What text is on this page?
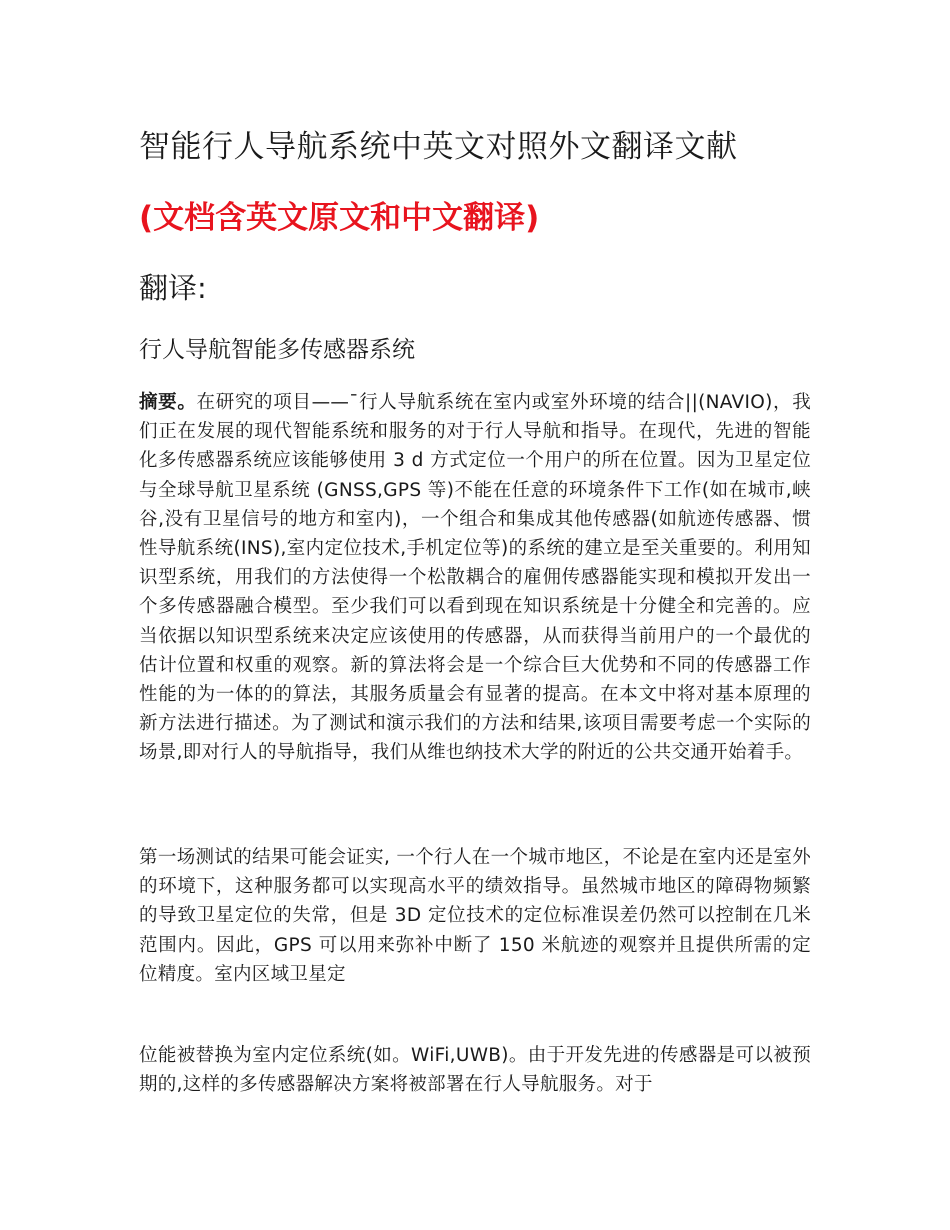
智能行人导航系统中英文对照外文翻译文献
(文档含英文原文和中文翻译)
翻译:
行人导航智能多传感器系统

摘要。在研究的项目——¯行人导航系统在室内或室外环境的结合||(NAVIO)，我们正在发展的现代智能系统和服务的对于行人导航和指导。在现代，先进的智能化多传感器系统应该能够使用 3 d 方式定位一个用户的所在位置。因为卫星定位与全球导航卫星系统 (GNSS,GPS 等)不能在任意的环境条件下工作(如在城市,峡谷,没有卫星信号的地方和室内)，一个组合和集成其他传感器(如航迹传感器、惯性导航系统(INS),室内定位技术,手机定位等)的系统的建立是至关重要的。利用知识型系统，用我们的方法使得一个松散耦合的雇佣传感器能实现和模拟开发出一个多传感器融合模型。至少我们可以看到现在知识系统是十分健全和完善的。应当依据以知识型系统来决定应该使用的传感器，从而获得当前用户的一个最优的估计位置和权重的观察。新的算法将会是一个综合巨大优势和不同的传感器工作性能的为一体的的算法，其服务质量会有显著的提高。在本文中将对基本原理的新方法进行描述。为了测试和演示我们的方法和结果,该项目需要考虑一个实际的场景,即对行人的导航指导，我们从维也纳技术大学的附近的公共交通开始着手。

第一场测试的结果可能会证实, 一个行人在一个城市地区，不论是在室内还是室外的环境下，这种服务都可以实现高水平的绩效指导。虽然城市地区的障碍物频繁的导致卫星定位的失常，但是 3D 定位技术的定位标准误差仍然可以控制在几米范围内。因此，GPS 可以用来弥补中断了 150 米航迹的观察并且提供所需的定位精度。室内区域卫星定

位能被替换为室内定位系统(如。WiFi,UWB)。由于开发先进的传感器是可以被预期的,这样的多传感器解决方案将被部署在行人导航服务。对于
